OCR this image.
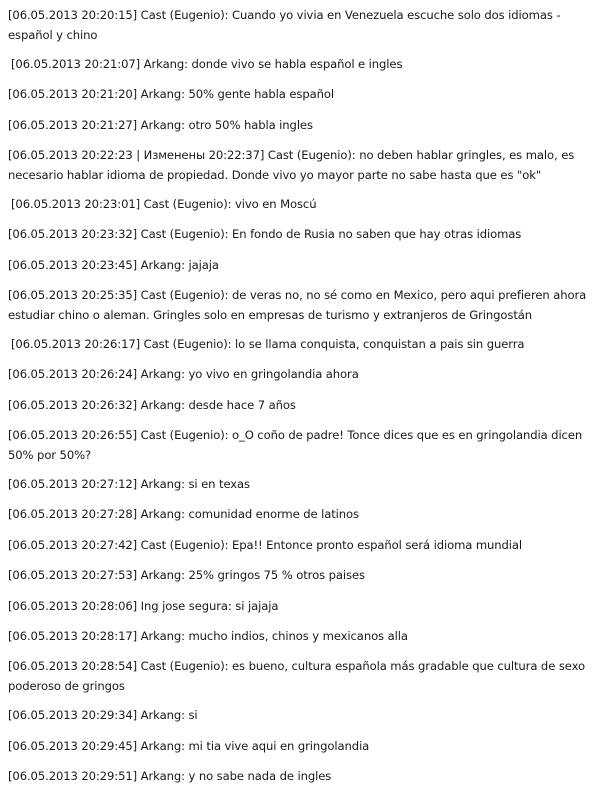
[06.05.2013 20:20:15] Cast (Eugenio): Cuando yo vivia en Venezuela escuche solo dos idiomas - español y chino
[06.05.2013 20:21:07] Arkang: donde vivo se habla español e ingles
[06.05.2013 20:21:20] Arkang: 50% gente habla español
[06.05.2013 20:21:27] Arkang: otro 50% habla ingles
[06.05.2013 20:22:23 | Изменены 20:22:37] Cast (Eugenio): no deben hablar gringles, es malo, es necesario hablar idioma de propiedad. Donde vivo yo mayor parte no sabe hasta que es "ok"
[06.05.2013 20:23:01] Cast (Eugenio): vivo en Moscú
[06.05.2013 20:23:32] Cast (Eugenio): En fondo de Rusia no saben que hay otras idiomas
[06.05.2013 20:23:45] Arkang: jajaja
[06.05.2013 20:25:35] Cast (Eugenio): de veras no, no sé como en Mexico, pero aqui prefieren ahora estudiar chino o aleman. Gringles solo en empresas de turismo y extranjeros de Gringostán
[06.05.2013 20:26:17] Cast (Eugenio): lo se llama conquista, conquistan a pais sin guerra
[06.05.2013 20:26:24] Arkang: yo vivo en gringolandia ahora
[06.05.2013 20:26:32] Arkang: desde hace 7 años
[06.05.2013 20:26:55] Cast (Eugenio): o_O coño de padre! Tonce dices que es en gringolandia dicen 50% por 50%?
[06.05.2013 20:27:12] Arkang: si en texas
[06.05.2013 20:27:28] Arkang: comunidad enorme de latinos
[06.05.2013 20:27:42] Cast (Eugenio): Epa!! Entonce pronto español será idioma mundial
[06.05.2013 20:27:53] Arkang: 25% gringos 75 % otros paises
[06.05.2013 20:28:06] Ing jose segura: si jajaja
[06.05.2013 20:28:17] Arkang: mucho indios, chinos y mexicanos alla
[06.05.2013 20:28:54] Cast (Eugenio): es bueno, cultura española más gradable que cultura de sexo poderoso de gringos
[06.05.2013 20:29:34] Arkang: si
[06.05.2013 20:29:45] Arkang: mi tia vive aqui en gringolandia
[06.05.2013 20:29:51] Arkang: y no sabe nada de ingles
